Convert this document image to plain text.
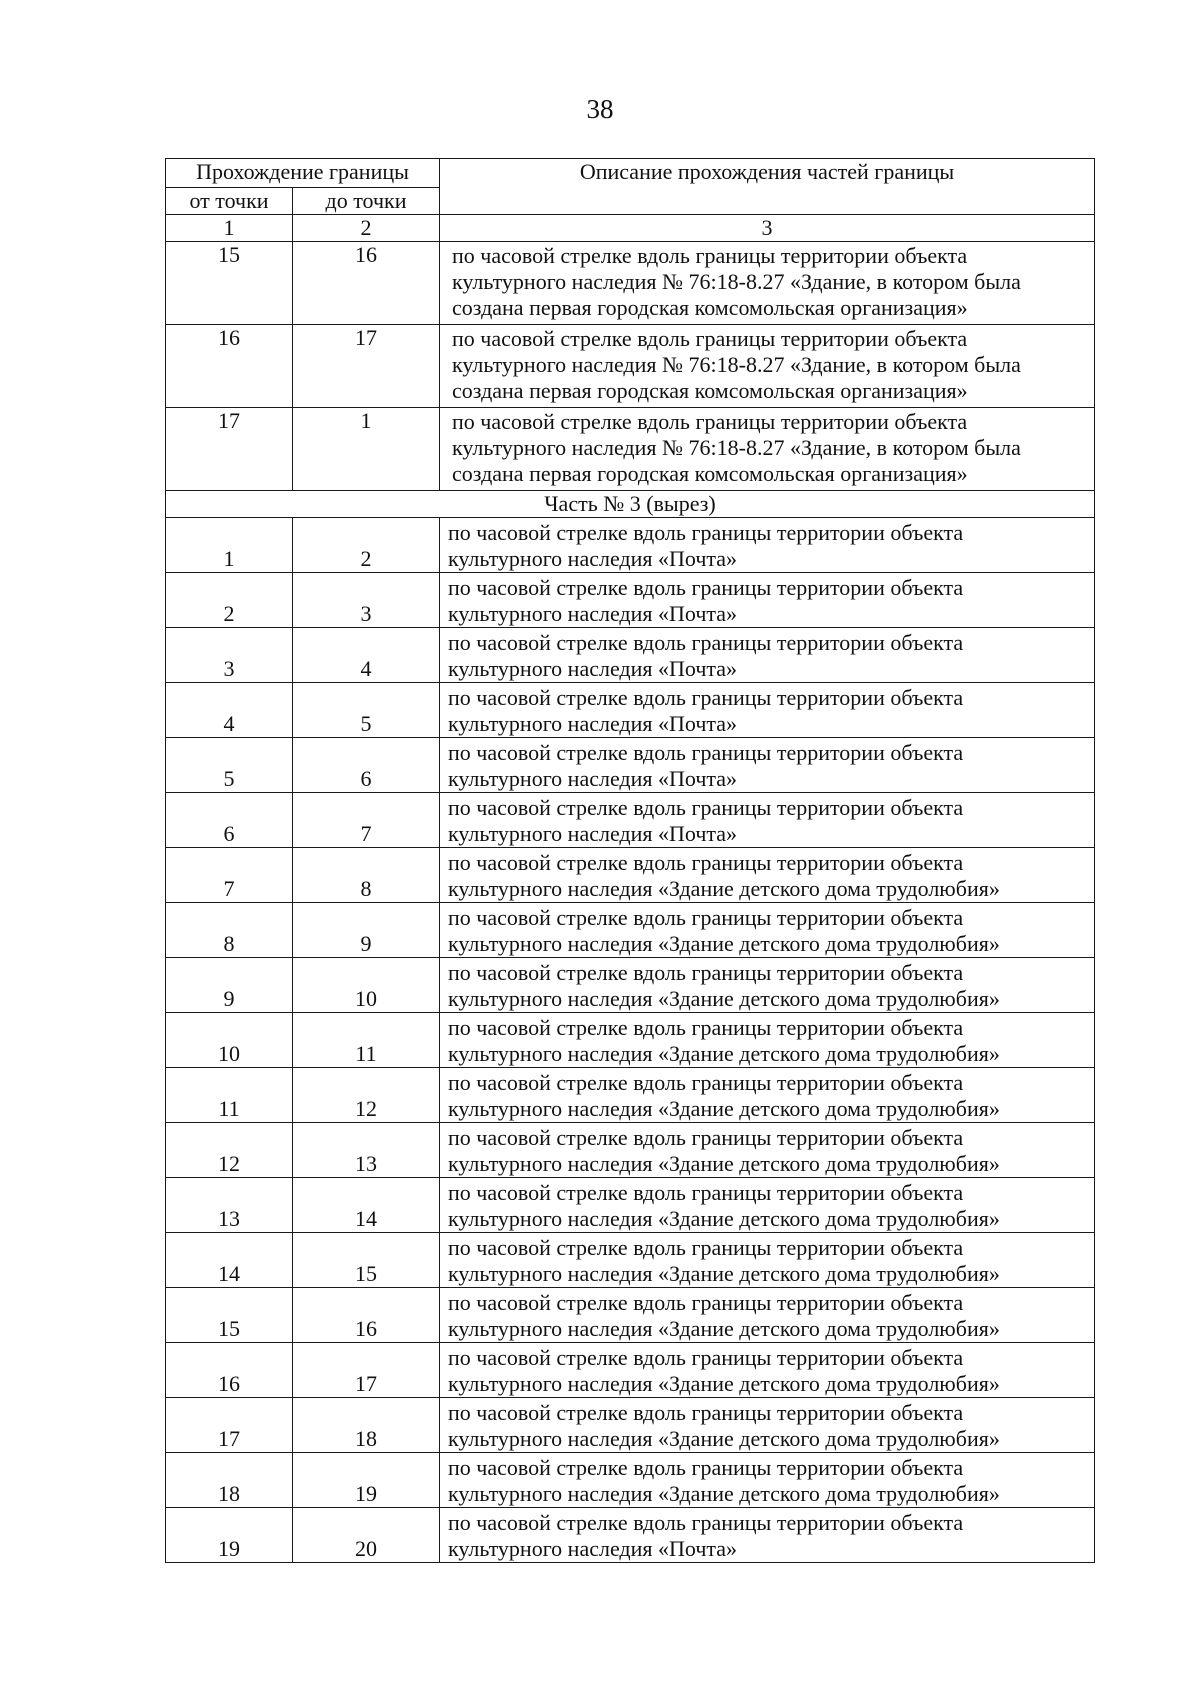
38
Прохождение границы		Описание прохождения частей границы
от точки	до точки	
1	2	3
15	16	по часовой стрелке вдоль границы территории объекта
культурного наследия № 76:18-8.27 «Здание, в котором была
создана первая городская комсомольская организация»

16	17	по часовой стрелке вдоль границы территории объекта
культурного наследия № 76:18-8.27 «Здание, в котором была
создана первая городская комсомольская организация»

17	1	по часовой стрелке вдоль границы территории объекта
культурного наследия № 76:18-8.27 «Здание, в котором была
создана первая городская комсомольская организация»

Часть № 3 (вырез)		
1	2	по часовой стрелке вдоль границы территории объекта
культурного наследия «Почта»

2	3	по часовой стрелке вдоль границы территории объекта
культурного наследия «Почта»

3	4	по часовой стрелке вдоль границы территории объекта
культурного наследия «Почта»

4	5	по часовой стрелке вдоль границы территории объекта
культурного наследия «Почта»

5	6	по часовой стрелке вдоль границы территории объекта
культурного наследия «Почта»

6	7	по часовой стрелке вдоль границы территории объекта
культурного наследия «Почта»

7	8	по часовой стрелке вдоль границы территории объекта
культурного наследия «Здание детского дома трудолюбия»

8	9	по часовой стрелке вдоль границы территории объекта
культурного наследия «Здание детского дома трудолюбия»

9	10	по часовой стрелке вдоль границы территории объекта
культурного наследия «Здание детского дома трудолюбия»

10	11	по часовой стрелке вдоль границы территории объекта
культурного наследия «Здание детского дома трудолюбия»

11	12	по часовой стрелке вдоль границы территории объекта
культурного наследия «Здание детского дома трудолюбия»

12	13	по часовой стрелке вдоль границы территории объекта
культурного наследия «Здание детского дома трудолюбия»

13	14	по часовой стрелке вдоль границы территории объекта
культурного наследия «Здание детского дома трудолюбия»

14	15	по часовой стрелке вдоль границы территории объекта
культурного наследия «Здание детского дома трудолюбия»

15	16	по часовой стрелке вдоль границы территории объекта
культурного наследия «Здание детского дома трудолюбия»

16	17	по часовой стрелке вдоль границы территории объекта
культурного наследия «Здание детского дома трудолюбия»

17	18	по часовой стрелке вдоль границы территории объекта
культурного наследия «Здание детского дома трудолюбия»

18	19	по часовой стрелке вдоль границы территории объекта
культурного наследия «Здание детского дома трудолюбия»

19	20	по часовой стрелке вдоль границы территории объекта
культурного наследия «Почта»
